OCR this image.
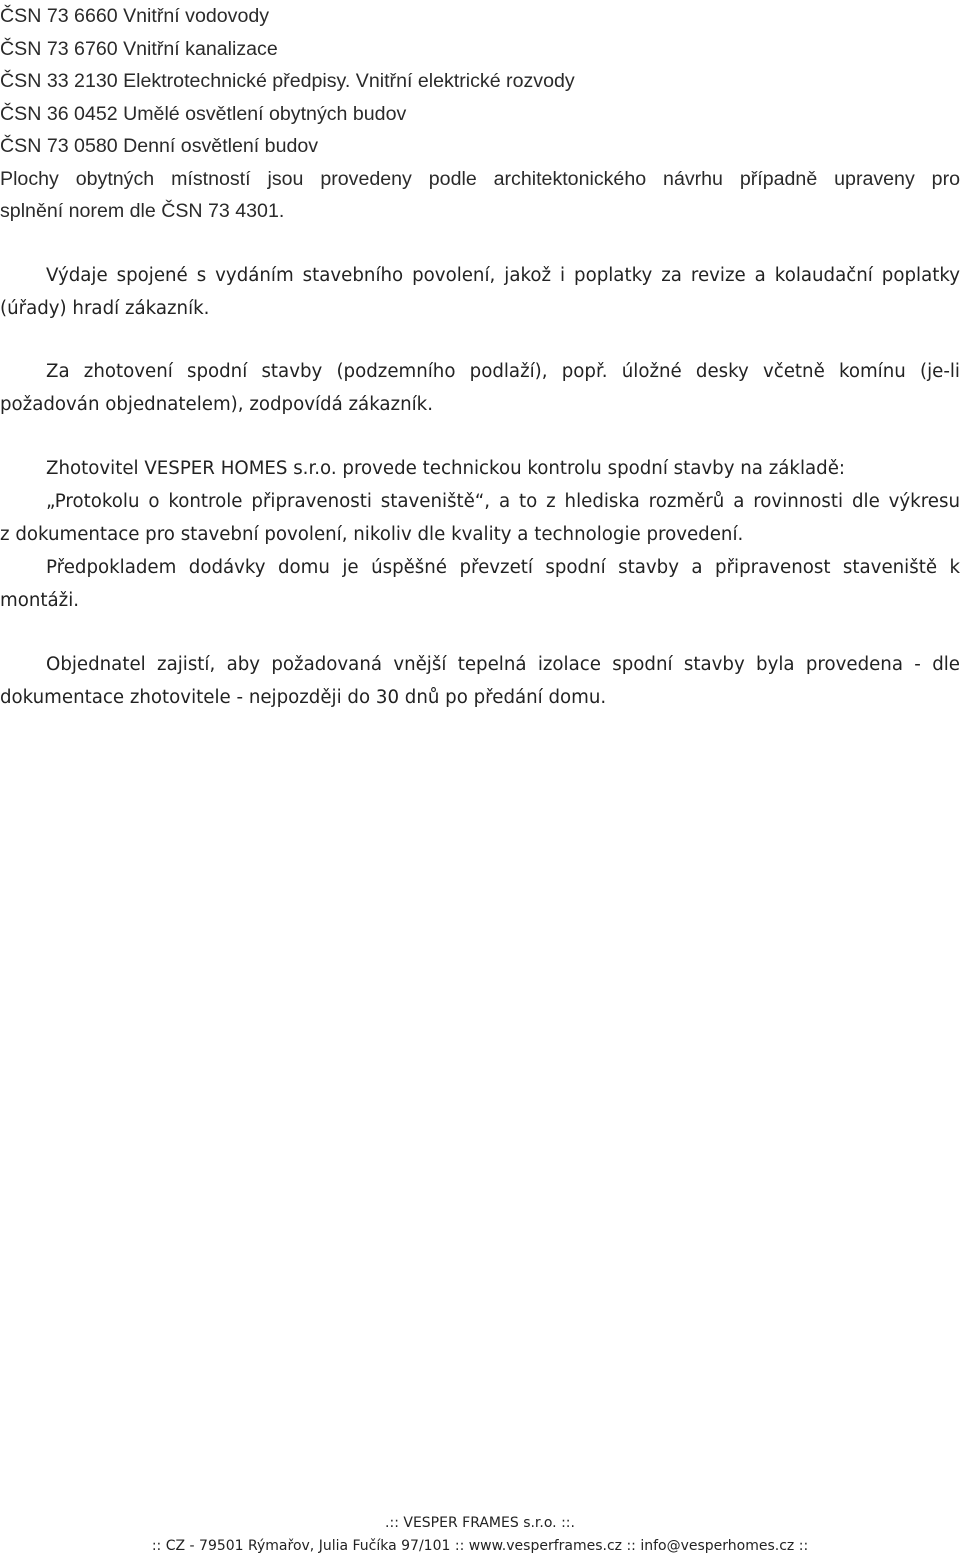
ČSN 73 6660 Vnitřní vodovody
ČSN 73 6760 Vnitřní kanalizace
ČSN 33 2130 Elektrotechnické předpisy. Vnitřní elektrické rozvody
ČSN 36 0452 Umělé osvětlení obytných budov
ČSN 73 0580 Denní osvětlení budov
Plochy obytných místností jsou provedeny podle architektonického návrhu případně upraveny pro
splnění norem dle ČSN 73 4301.
Výdaje spojené s vydáním stavebního povolení, jakož i poplatky za revize a kolaudační poplatky
(úřady) hradí zákazník.
Za zhotovení spodní stavby (podzemního podlaží), popř. úložné desky včetně komínu (je-li
požadován objednatelem), zodpovídá zákazník.
Zhotovitel VESPER HOMES s.r.o. provede technickou kontrolu spodní stavby na základě:
„Protokolu o kontrole připravenosti staveniště“, a to z hlediska rozměrů a rovinnosti dle výkresu
z dokumentace pro stavební povolení, nikoliv dle kvality a technologie provedení.
Předpokladem dodávky domu je úspěšné převzetí spodní stavby a připravenost staveniště k
montáži.
Objednatel zajistí, aby požadovaná vnější tepelná izolace spodní stavby byla provedena - dle
dokumentace zhotovitele - nejpozději do 30 dnů po předání domu.
.:: VESPER FRAMES s.r.o. ::.
:: CZ - 79501 Rýmařov, Julia Fučíka 97/101 :: www.vesperframes.cz :: info@vesperhomes.cz ::
